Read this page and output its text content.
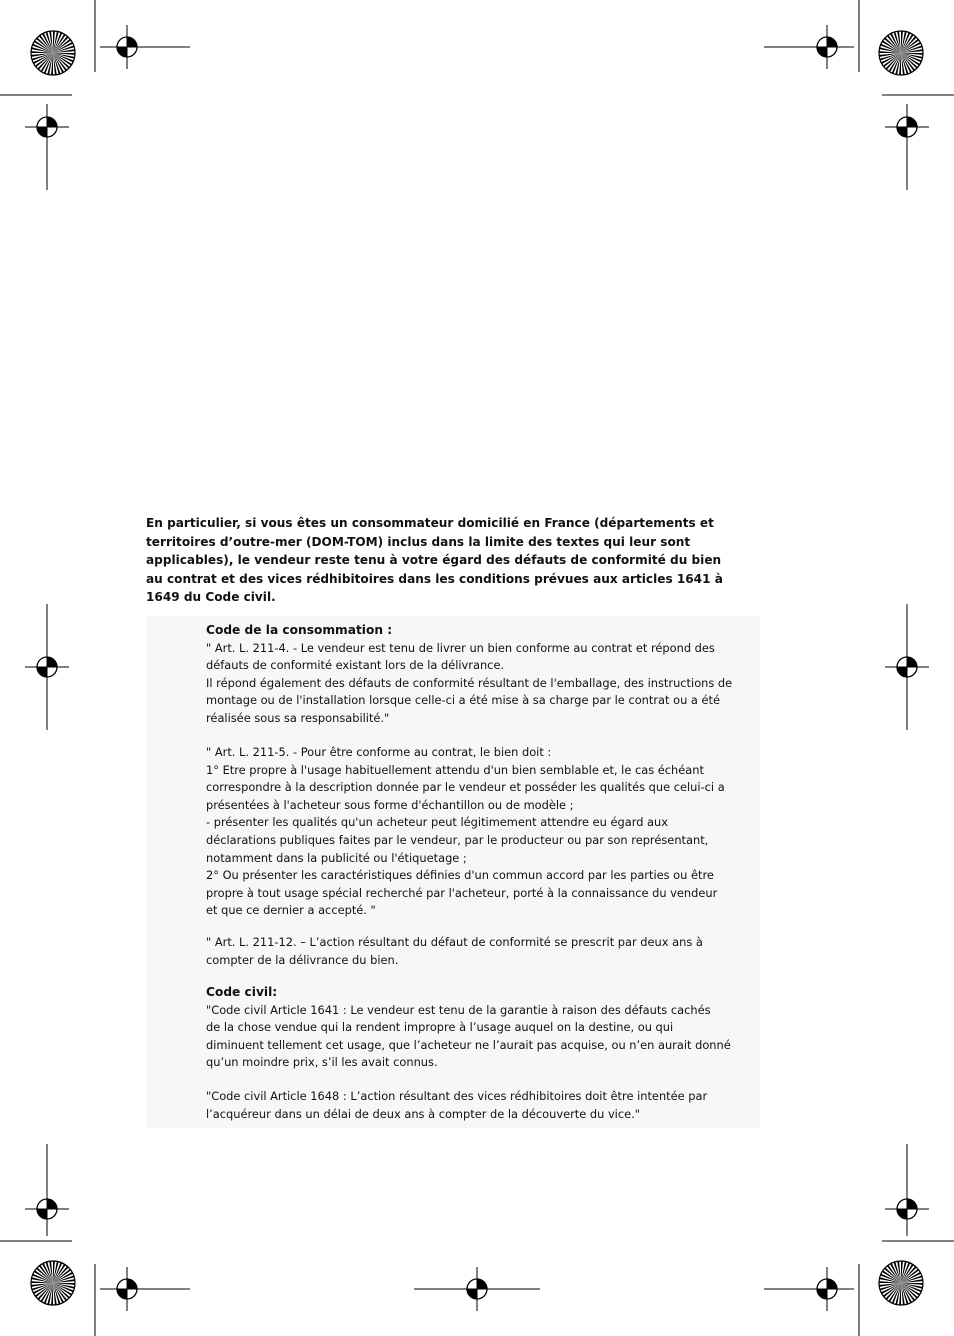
En particulier, si vous êtes un consommateur domicilié en France (départements et
territoires d’outre-mer (DOM-TOM) inclus dans la limite des textes qui leur sont
applicables), le vendeur reste tenu à votre égard des défauts de conformité du bien
au contrat et des vices rédhibitoires dans les conditions prévues aux articles 1641 à
1649 du Code civil.

Code de la consommation :

" Art. L. 211-4. - Le vendeur est tenu de livrer un bien conforme au contrat et répond des
défauts de conformité existant lors de la délivrance.
Il répond également des défauts de conformité résultant de l'emballage, des instructions de
montage ou de l'installation lorsque celle-ci a été mise à sa charge par le contrat ou a été
réalisée sous sa responsabilité."
" Art. L. 211-5. - Pour être conforme au contrat, le bien doit :
1° Etre propre à l'usage habituellement attendu d'un bien semblable et, le cas échéant
correspondre à la description donnée par le vendeur et posséder les qualités que celui-ci a
présentées à l'acheteur sous forme d'échantillon ou de modèle ;
- présenter les qualités qu'un acheteur peut légitimement attendre eu égard aux
déclarations publiques faites par le vendeur, par le producteur ou par son représentant,
notamment dans la publicité ou l'étiquetage ;
2° Ou présenter les caractéristiques définies d'un commun accord par les parties ou être
propre à tout usage spécial recherché par l'acheteur, porté à la connaissance du vendeur
et que ce dernier a accepté. "
" Art. L. 211-12. – L’action résultant du défaut de conformité se prescrit par deux ans à
compter de la délivrance du bien.

Code civil:

"Code civil Article 1641 : Le vendeur est tenu de la garantie à raison des défauts cachés
de la chose vendue qui la rendent impropre à l’usage auquel on la destine, ou qui
diminuent tellement cet usage, que l’acheteur ne l’aurait pas acquise, ou n’en aurait donné
qu’un moindre prix, s’il les avait connus.
"Code civil Article 1648 : L’action résultant des vices rédhibitoires doit être intentée par
l’acquéreur dans un délai de deux ans à compter de la découverte du vice."
